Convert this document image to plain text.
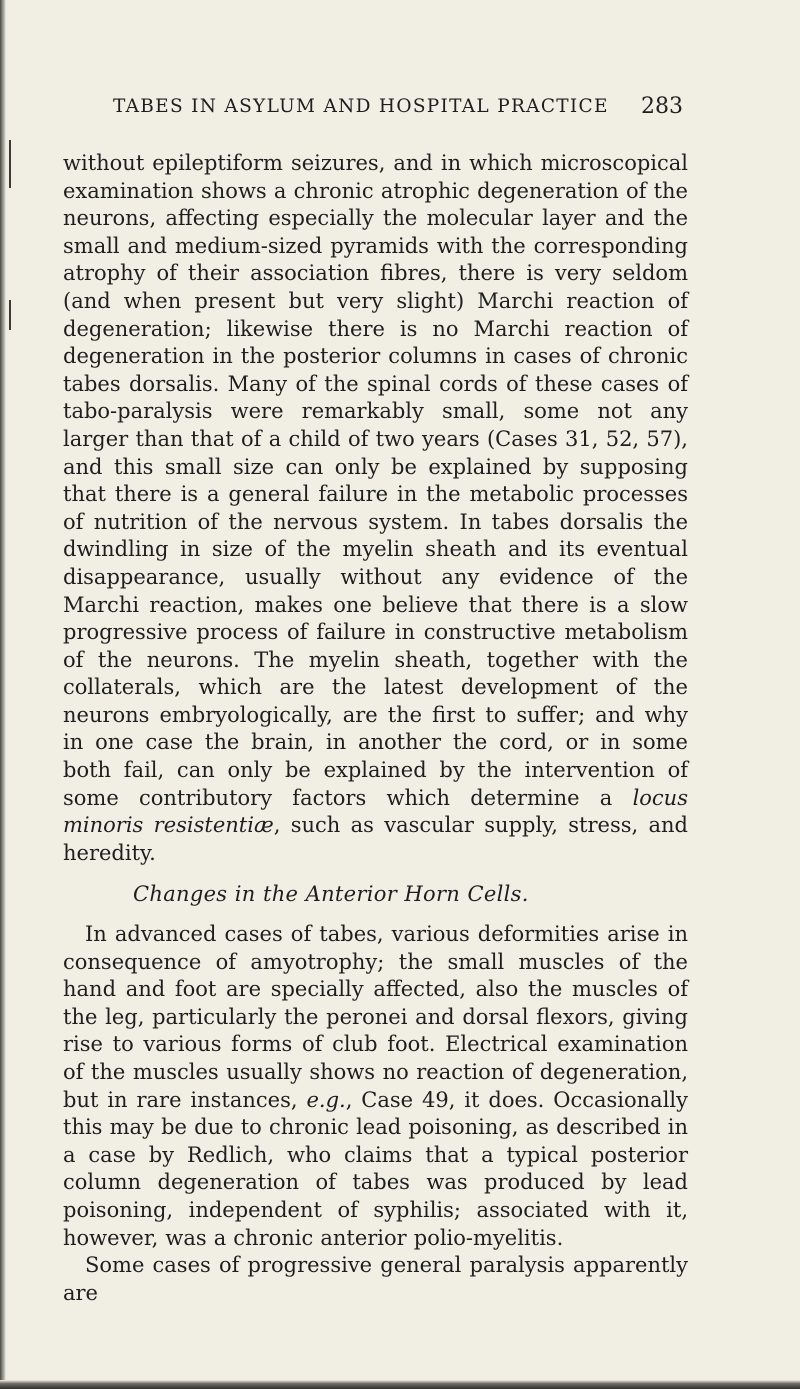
TABES IN ASYLUM AND HOSPITAL PRACTICE	283

without epileptiform seizures, and in which microscopical examination shows a chronic atrophic degeneration of the neurons, affecting especially the molecular layer and the small and medium-sized pyramids with the corresponding atrophy of their association fibres, there is very seldom (and when present but very slight) Marchi reaction of degeneration; likewise there is no Marchi reaction of degeneration in the posterior columns in cases of chronic tabes dorsalis. Many of the spinal cords of these cases of tabo-paralysis were remarkably small, some not any larger than that of a child of two years (Cases 31, 52, 57), and this small size can only be explained by supposing that there is a general failure in the metabolic processes of nutrition of the nervous system. In tabes dorsalis the dwindling in size of the myelin sheath and its eventual disappearance, usually without any evidence of the Marchi reaction, makes one believe that there is a slow progressive process of failure in constructive metabolism of the neurons. The myelin sheath, together with the collaterals, which are the latest development of the neurons embryologically, are the first to suffer; and why in one case the brain, in another the cord, or in some both fail, can only be explained by the intervention of some contributory factors which determine a locus minoris resistentiæ, such as vascular supply, stress, and heredity.

Changes in the Anterior Horn Cells.

In advanced cases of tabes, various deformities arise in consequence of amyotrophy; the small muscles of the hand and foot are specially affected, also the muscles of the leg, particularly the peronei and dorsal flexors, giving rise to various forms of club foot. Electrical examination of the muscles usually shows no reaction of degeneration, but in rare instances, e.g., Case 49, it does. Occasionally this may be due to chronic lead poisoning, as described in a case by Redlich, who claims that a typical posterior column degeneration of tabes was produced by lead poisoning, independent of syphilis; associated with it, however, was a chronic anterior polio-myelitis.

Some cases of progressive general paralysis apparently are
